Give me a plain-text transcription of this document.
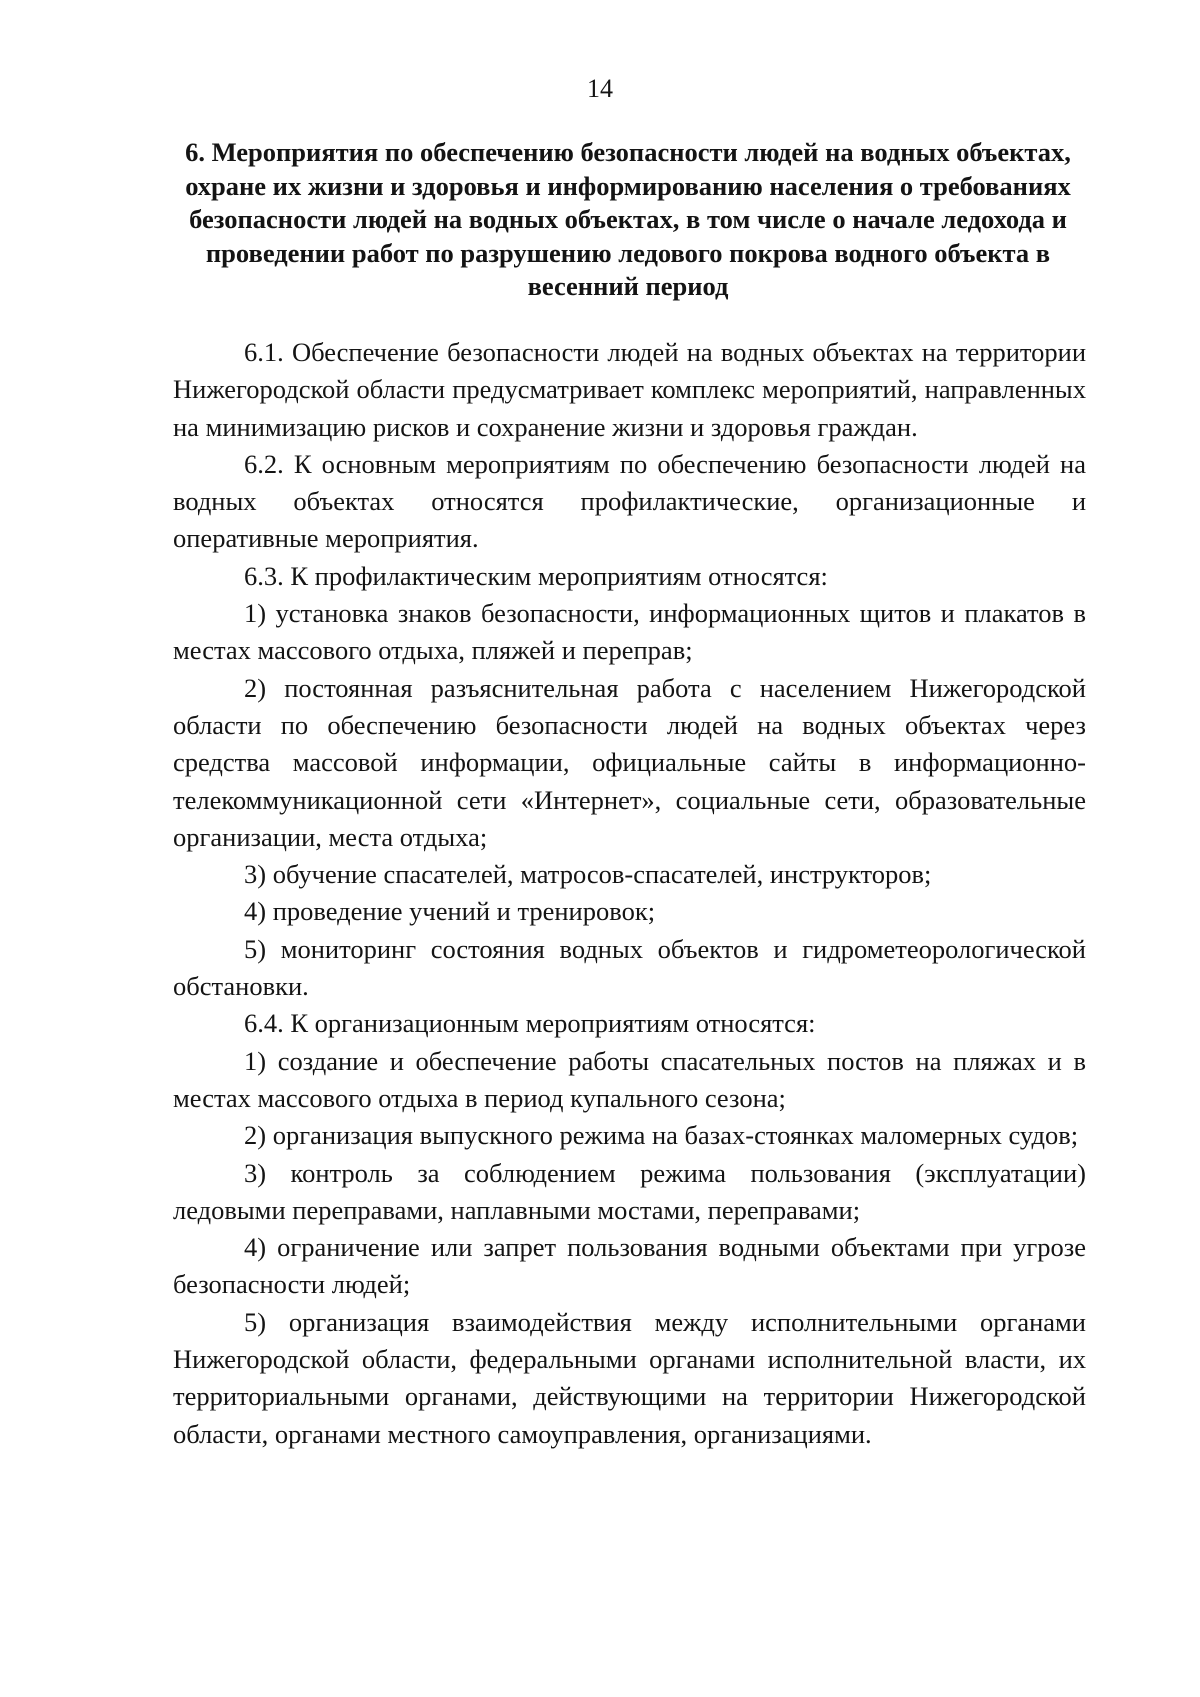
14
6. Мероприятия по обеспечению безопасности людей на водных объектах, охране их жизни и здоровья и информированию населения о требованиях безопасности людей на водных объектах, в том числе о начале ледохода и проведении работ по разрушению ледового покрова водного объекта в весенний период

6.1. Обеспечение безопасности людей на водных объектах на территории Нижегородской области предусматривает комплекс мероприятий, направленных на минимизацию рисков и сохранение жизни и здоровья граждан.

6.2. К основным мероприятиям по обеспечению безопасности людей на водных объектах относятся профилактические, организационные и оперативные мероприятия.

6.3. К профилактическим мероприятиям относятся:

1) установка знаков безопасности, информационных щитов и плакатов в местах массового отдыха, пляжей и переправ;

2) постоянная разъяснительная работа с населением Нижегородской области по обеспечению безопасности людей на водных объектах через средства массовой информации, официальные сайты в информационно-телекоммуникационной сети «Интернет», социальные сети, образовательные организации, места отдыха;

3) обучение спасателей, матросов-спасателей, инструкторов;

4) проведение учений и тренировок;

5) мониторинг состояния водных объектов и гидрометеорологической обстановки.

6.4. К организационным мероприятиям относятся:

1) создание и обеспечение работы спасательных постов на пляжах и в местах массового отдыха в период купального сезона;

2) организация выпускного режима на базах-стоянках маломерных судов;

3) контроль за соблюдением режима пользования (эксплуатации) ледовыми переправами, наплавными мостами, переправами;

4) ограничение или запрет пользования водными объектами при угрозе безопасности людей;

5) организация взаимодействия между исполнительными органами Нижегородской области, федеральными органами исполнительной власти, их территориальными органами, действующими на территории Нижегородской области, органами местного самоуправления, организациями.
